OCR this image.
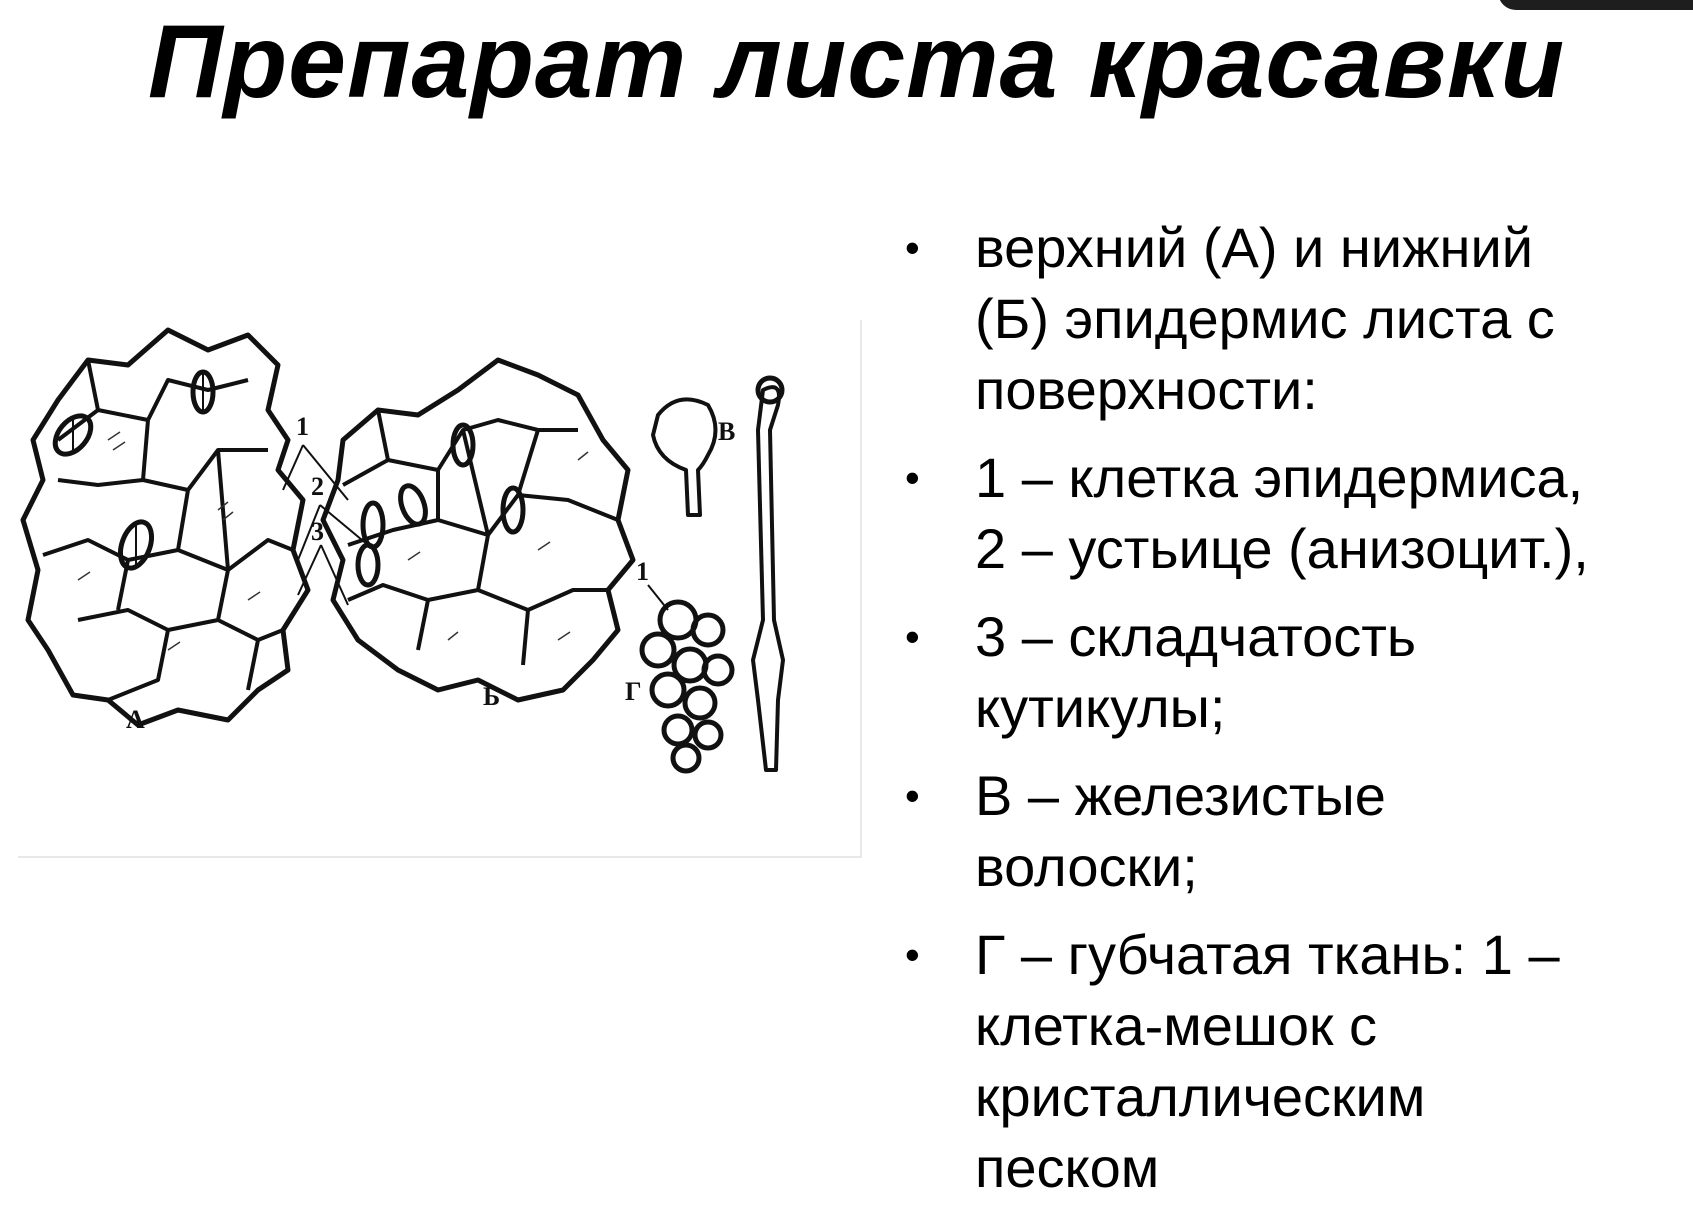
Препарат листа красавки
А
Б
В
Г
1
2
3
1
• верхний (А) и нижний
(Б) эпидермис листа с
поверхности:
• 1 – клетка эпидермиса,
2 – устьице (анизоцит.),
• 3 – складчатость
кутикулы;
• В – железистые
волоски;
• Г – губчатая ткань: 1 –
клетка-мешок с
кристаллическим
песком
